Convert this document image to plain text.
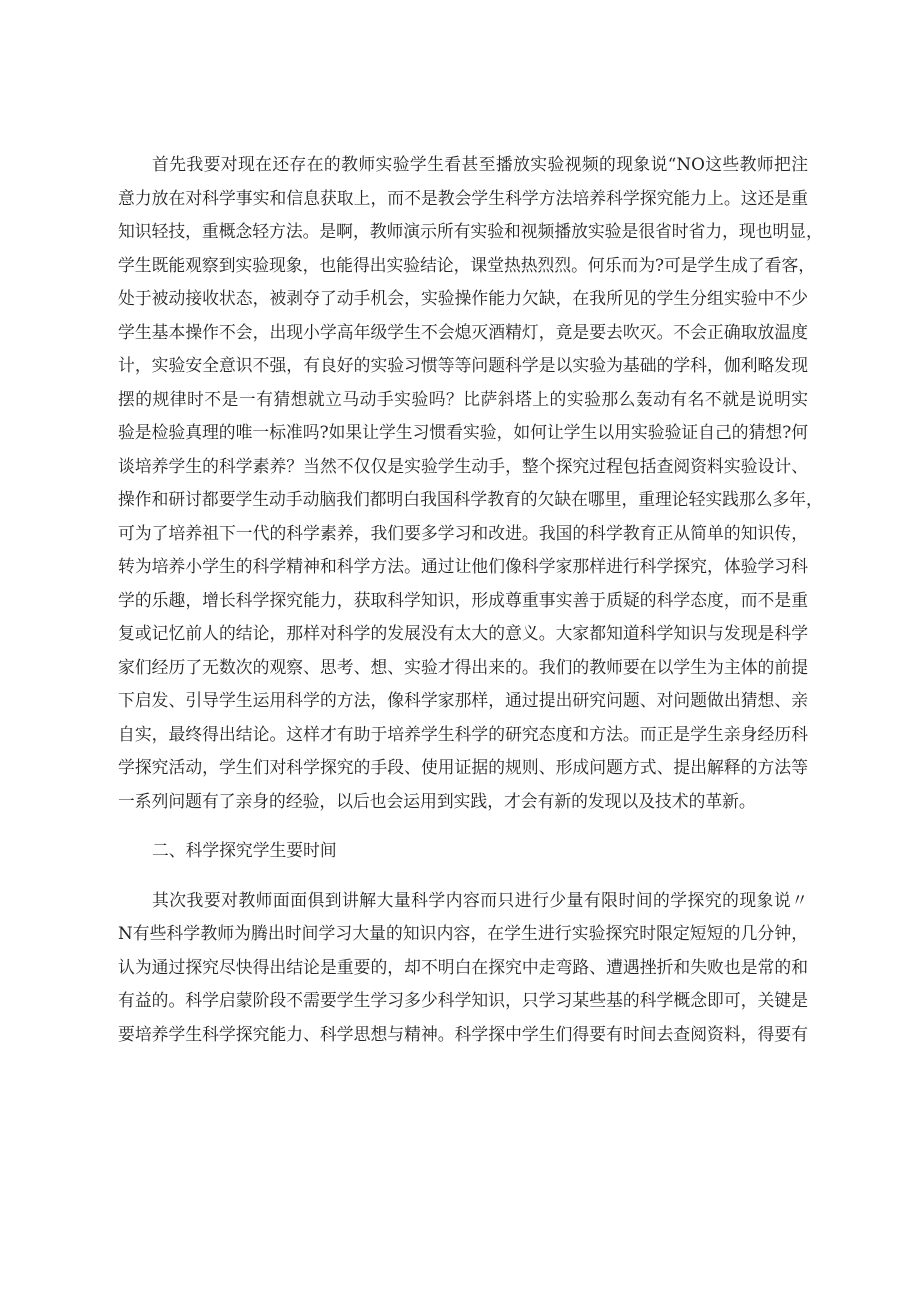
首先我要对现在还存在的教师实验学生看甚至播放实验视频的现象说“NO这些教师把注
意力放在对科学事实和信息获取上，而不是教会学生科学方法培养科学探究能力上。这还是重
知识轻技，重概念轻方法。是啊，教师演示所有实验和视频播放实验是很省时省力，现也明显，
学生既能观察到实验现象，也能得出实验结论，课堂热热烈烈。何乐而为?可是学生成了看客，
处于被动接收状态，被剥夺了动手机会，实验操作能力欠缺，在我所见的学生分组实验中不少
学生基本操作不会，出现小学高年级学生不会熄灭酒精灯，竟是要去吹灭。不会正确取放温度
计，实验安全意识不强，有良好的实验习惯等等问题科学是以实验为基础的学科，伽利略发现
摆的规律时不是一有猜想就立马动手实验吗？比萨斜塔上的实验那么轰动有名不就是说明实
验是检验真理的唯一标准吗?如果让学生习惯看实验，如何让学生以用实验验证自己的猜想?何
谈培养学生的科学素养？当然不仅仅是实验学生动手，整个探究过程包括查阅资料实验设计、
操作和研讨都要学生动手动脑我们都明白我国科学教育的欠缺在哪里，重理论轻实践那么多年，
可为了培养祖下一代的科学素养，我们要多学习和改进。我国的科学教育正从简单的知识传，
转为培养小学生的科学精神和科学方法。通过让他们像科学家那样进行科学探究，体验学习科
学的乐趣，增长科学探究能力，获取科学知识，形成尊重事实善于质疑的科学态度，而不是重
复或记忆前人的结论，那样对科学的发展没有太大的意义。大家都知道科学知识与发现是科学
家们经历了无数次的观察、思考、想、实验才得出来的。我们的教师要在以学生为主体的前提
下启发、引导学生运用科学的方法，像科学家那样，通过提出研究问题、对问题做出猜想、亲
自实，最终得出结论。这样才有助于培养学生科学的研究态度和方法。而正是学生亲身经历科
学探究活动，学生们对科学探究的手段、使用证据的规则、形成问题方式、提出解释的方法等
一系列问题有了亲身的经验，以后也会运用到实践，才会有新的发现以及技术的革新。
二、科学探究学生要时间
其次我要对教师面面俱到讲解大量科学内容而只进行少量有限时间的学探究的现象说〃
N有些科学教师为腾出时间学习大量的知识内容，在学生进行实验探究时限定短短的几分钟，
认为通过探究尽快得出结论是重要的，却不明白在探究中走弯路、遭遇挫折和失败也是常的和
有益的。科学启蒙阶段不需要学生学习多少科学知识，只学习某些基的科学概念即可，关键是
要培养学生科学探究能力、科学思想与精神。科学探中学生们得要有时间去查阅资料，得要有
